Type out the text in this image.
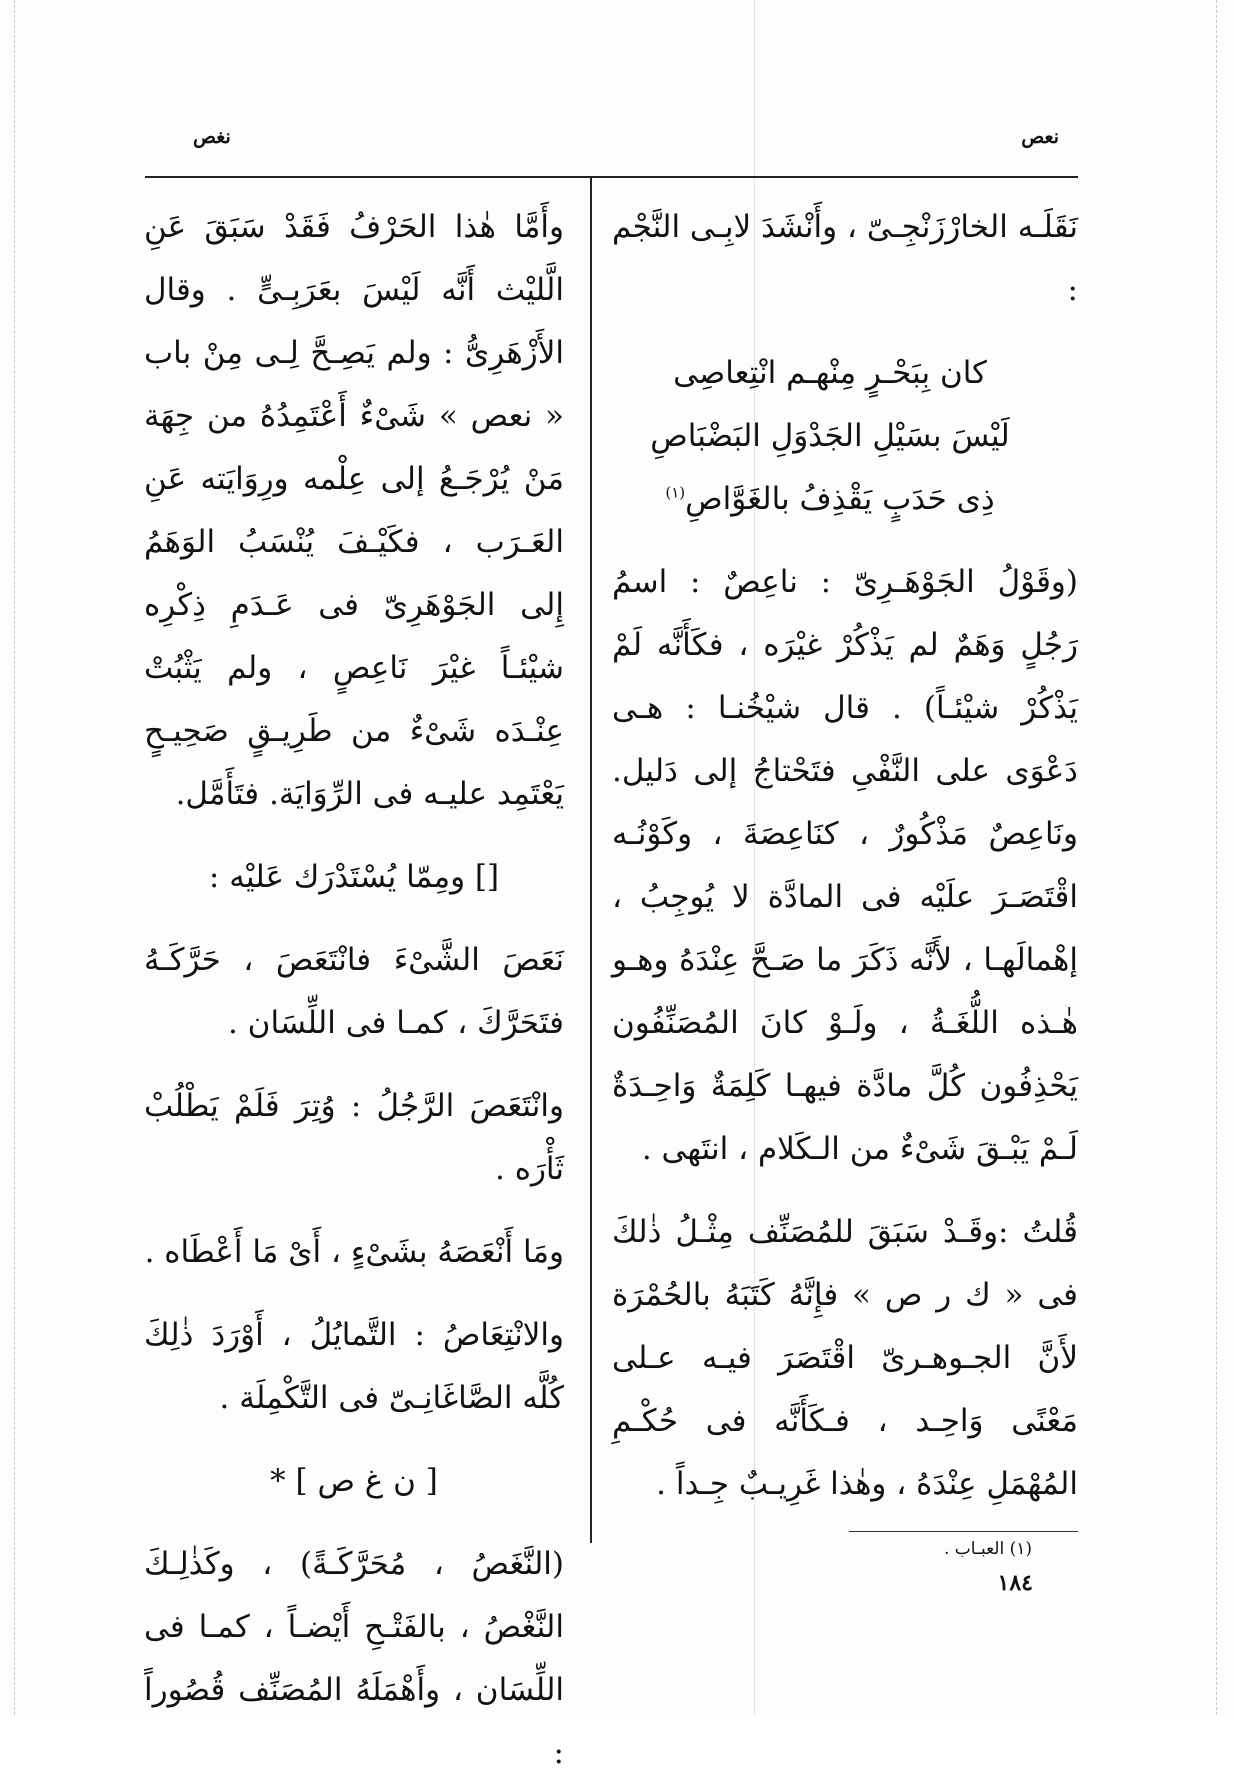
نعص
نغص

نَقَلَـه الخارْزَنْجِـىّ ، وأَنْشَدَ لابِـى النَّجْم :

كان بِبَحْـرٍ مِنْهـم انْتِعاصِى

لَيْسَ بسَيْلِ الجَدْوَلِ البَضْبَاصِ

ذِى حَدَبٍ يَقْذِفُ بالغَوَّاصِ$^{(١)}$

(وقَوْلُ الجَوْهَـرِىّ : ناعِصٌ : اسمُ رَجُلٍ وَهَمٌ لم يَذْكُرْ غيْرَه ، فكَأَنَّه لَمْ يَذْكُرْ شيْئـاً) . قال شيْخُنـا : هـى دَعْوَى على النَّفْىِ فتَحْتاجُ إلى دَليل. ونَاعِصٌ مَذْكُورٌ ، كنَاعِصَةَ ، وكَوْنُـه اقْتَصَـرَ علَيْه فى المادَّة لا يُوجِبُ ، إهْمالَهـا ، لأَنَّه ذَكَرَ ما صَـحَّ عِنْدَهُ وهـو هٰـذه اللُّغَـةُ ، ولَـوْ كانَ المُصَنِّفُون يَحْذِفُون كُلَّ مادَّة فيهـا كَلِمَةٌ وَاحِـدَةٌ لَـمْ يَبْـقَ شَىْءٌ من الـكَلام ، انتَهى .

قُلتُ :وقَـدْ سَبَقَ للمُصَنِّف مِثْـلُ ذٰلكَ فى « ك ر ص » فإِنَّهُ كَتَبَهُ بالحُمْرَة لأَنَّ الجـوهـرىّ اقْتَصَرَ فيـه عـلى مَعْنًى وَاحِـد ، فـكَأَنَّه فى حُكْـمِ المُهْمَلِ عِنْدَهُ ، وهٰذا غَرِيـبٌ جِـداً .

وأَمَّا هٰذا الحَرْفُ فَقَدْ سَبَقَ عَنِ الَّليْث أَنَّه لَيْسَ بعَرَبِـىٍّ . وقال الأَزْهَرِىُّ : ولم يَصِـحَّ لِـى مِنْ باب « نعص » شَىْءٌ أَعْتَمِدُهُ من جِهَة مَنْ يُرْجَـعُ إلى عِلْمه ورِوَايَته عَنِ العَـرَب ، فكَيْـفَ يُنْسَبُ الوَهَمُ إِلى الجَوْهَرِىّ فى عَـدَمِ ذِكْرِه شيْئـاً غيْرَ نَاعِصٍ ، ولم يَثْبُتْ عِنْـدَه شَىْءٌ من طَرِيـقٍ صَحِيـحٍ يَعْتَمِد عليـه فى الرِّوَايَة. فتَأَمَّل.

[] ومِمّا يُسْتَدْرَك عَليْه :

نَعَصَ الشَّىْءَ فانْتَعَصَ ، حَرَّكَـهُ فتَحَرَّكَ ، كمـا فى اللِّسَان .

وانْتَعَصَ الرَّجُلُ : وُتِرَ فَلَمْ يَطْلُبْ ثَأْرَه .

ومَا أَنْعَصَهُ بشَىْءٍ ، أَىْ مَا أَعْطَاه .

والانْتِعَاصُ : التَّمايُلُ ، أَوْرَدَ ذٰلِكَ كُلَّه الصَّاغَانِـىّ فى التَّكْمِلَة .

[ ن غ ص ] *

(النَّغَصُ ، مُحَرَّكَـةً) ، وكَذٰلِـكَ النَّغْصُ ، بالفَتْـحِ أَيْضـاً ، كمـا فى اللِّسَان ، وأَهْمَلَهُ المُصَنِّف قُصُوراً :

(١) العبـاب .
١٨٤
